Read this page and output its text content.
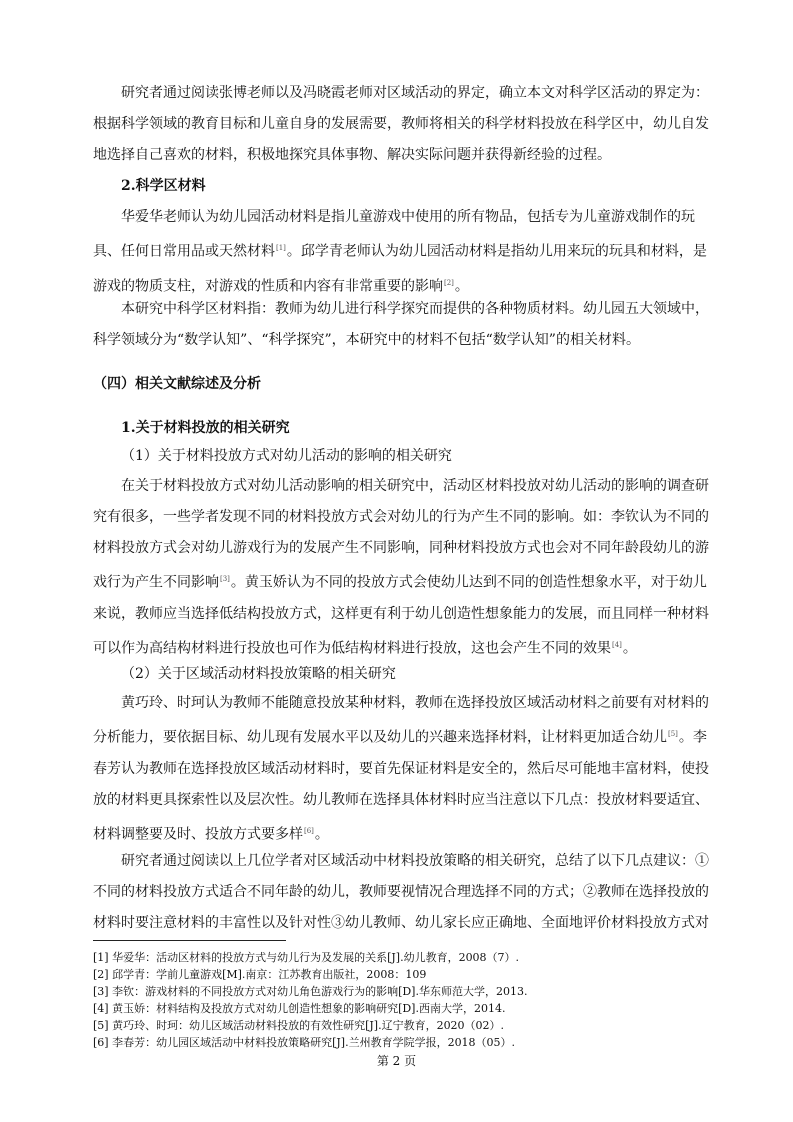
研究者通过阅读张博老师以及冯晓霞老师对区域活动的界定，确立本文对科学区活动的界定为：
根据科学领域的教育目标和儿童自身的发展需要，教师将相关的科学材料投放在科学区中，幼儿自发
地选择自己喜欢的材料，积极地探究具体事物、解决实际问题并获得新经验的过程。
2.科学区材料
华爱华老师认为幼儿园活动材料是指儿童游戏中使用的所有物品，包括专为儿童游戏制作的玩
具、任何日常用品或天然材料[1]。邱学青老师认为幼儿园活动材料是指幼儿用来玩的玩具和材料，是
游戏的物质支柱，对游戏的性质和内容有非常重要的影响[2]。
本研究中科学区材料指：教师为幼儿进行科学探究而提供的各种物质材料。幼儿园五大领域中，
科学领域分为“数学认知”、“科学探究”，本研究中的材料不包括“数学认知”的相关材料。
（四）相关文献综述及分析
1.关于材料投放的相关研究
（1）关于材料投放方式对幼儿活动的影响的相关研究
在关于材料投放方式对幼儿活动影响的相关研究中，活动区材料投放对幼儿活动的影响的调查研
究有很多，一些学者发现不同的材料投放方式会对幼儿的行为产生不同的影响。如：李钦认为不同的
材料投放方式会对幼儿游戏行为的发展产生不同影响，同种材料投放方式也会对不同年龄段幼儿的游
戏行为产生不同影响[3]。黄玉娇认为不同的投放方式会使幼儿达到不同的创造性想象水平，对于幼儿
来说，教师应当选择低结构投放方式，这样更有利于幼儿创造性想象能力的发展，而且同样一种材料
可以作为高结构材料进行投放也可作为低结构材料进行投放，这也会产生不同的效果[4]。
（2）关于区域活动材料投放策略的相关研究
黄巧玲、时珂认为教师不能随意投放某种材料，教师在选择投放区域活动材料之前要有对材料的
分析能力，要依据目标、幼儿现有发展水平以及幼儿的兴趣来选择材料，让材料更加适合幼儿[5]。李
春芳认为教师在选择投放区域活动材料时，要首先保证材料是安全的，然后尽可能地丰富材料，使投
放的材料更具探索性以及层次性。幼儿教师在选择具体材料时应当注意以下几点：投放材料要适宜、
材料调整要及时、投放方式要多样[6]。
研究者通过阅读以上几位学者对区域活动中材料投放策略的相关研究，总结了以下几点建议：①
不同的材料投放方式适合不同年龄的幼儿，教师要视情况合理选择不同的方式；②教师在选择投放的
材料时要注意材料的丰富性以及针对性③幼儿教师、幼儿家长应正确地、全面地评价材料投放方式对
[1] 华爱华：活动区材料的投放方式与幼儿行为及发展的关系[J].幼儿教育，2008（7）.
[2] 邱学青：学前儿童游戏[M].南京：江苏教育出版社，2008：109
[3] 李钦：游戏材料的不同投放方式对幼儿角色游戏行为的影响[D].华东师范大学，2013.
[4] 黄玉娇：材料结构及投放方式对幼儿创造性想象的影响研究[D].西南大学，2014.
[5] 黄巧玲、时珂：幼儿区域活动材料投放的有效性研究[J].辽宁教育，2020（02）.
[6] 李春芳：幼儿园区域活动中材料投放策略研究[J].兰州教育学院学报，2018（05）.
第 2 页
